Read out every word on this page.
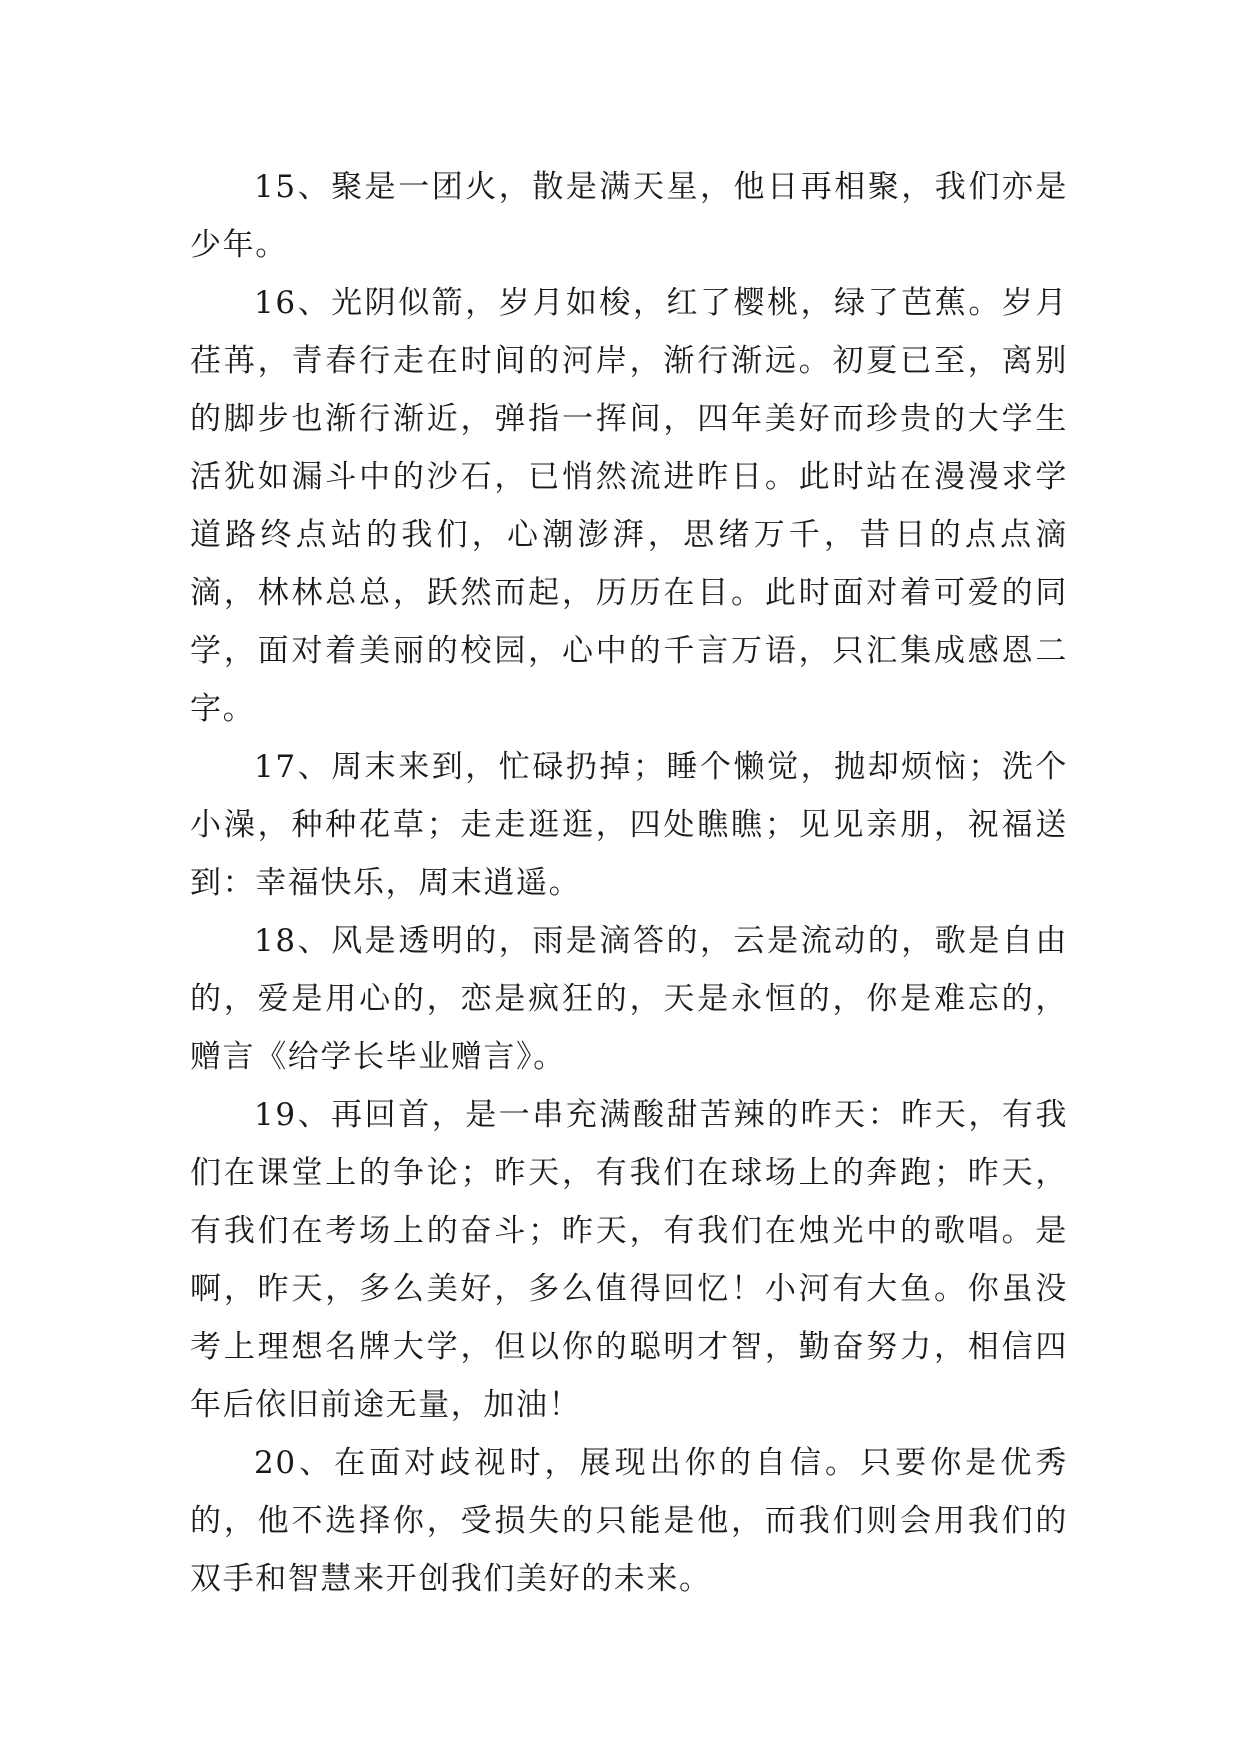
15、聚是一团火，散是满天星，他日再相聚，我们亦是少年。

16、光阴似箭，岁月如梭，红了樱桃，绿了芭蕉。岁月荏苒，青春行走在时间的河岸，渐行渐远。初夏已至，离别的脚步也渐行渐近，弹指一挥间，四年美好而珍贵的大学生活犹如漏斗中的沙石，已悄然流进昨日。此时站在漫漫求学道路终点站的我们，心潮澎湃，思绪万千，昔日的点点滴滴，林林总总，跃然而起，历历在目。此时面对着可爱的同学，面对着美丽的校园，心中的千言万语，只汇集成感恩二字。

17、周末来到，忙碌扔掉；睡个懒觉，抛却烦恼；洗个小澡，种种花草；走走逛逛，四处瞧瞧；见见亲朋，祝福送到：幸福快乐，周末逍遥。

18、风是透明的，雨是滴答的，云是流动的，歌是自由的，爱是用心的，恋是疯狂的，天是永恒的，你是难忘的，赠言《给学长毕业赠言》。

19、再回首，是一串充满酸甜苦辣的昨天：昨天，有我们在课堂上的争论；昨天，有我们在球场上的奔跑；昨天，有我们在考场上的奋斗；昨天，有我们在烛光中的歌唱。是啊，昨天，多么美好，多么值得回忆！小河有大鱼。你虽没考上理想名牌大学，但以你的聪明才智，勤奋努力，相信四年后依旧前途无量，加油！

20、在面对歧视时，展现出你的自信。只要你是优秀的，他不选择你，受损失的只能是他，而我们则会用我们的双手和智慧来开创我们美好的未来。
